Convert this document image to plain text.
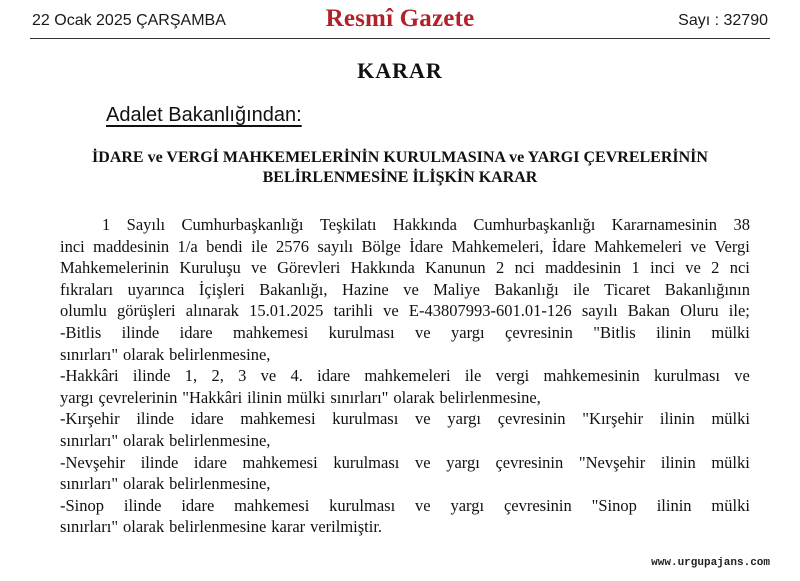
22 Ocak 2025 ÇARŞAMBA	Resmî Gazete	Sayı : 32790
KARAR
Adalet Bakanlığından:
İDARE ve VERGİ MAHKEMELERİNİN KURULMASINA ve YARGI ÇEVRELERİNİN
BELİRLENMESİNE İLİŞKİN KARAR
1 Sayılı Cumhurbaşkanlığı Teşkilatı Hakkında Cumhurbaşkanlığı Kararnamesinin 38
inci maddesinin 1/a bendi ile 2576 sayılı Bölge İdare Mahkemeleri, İdare Mahkemeleri ve Vergi
Mahkemelerinin Kuruluşu ve Görevleri Hakkında Kanunun 2 nci maddesinin 1 inci ve 2 nci
fıkraları uyarınca İçişleri Bakanlığı, Hazine ve Maliye Bakanlığı ile Ticaret Bakanlığının
olumlu görüşleri alınarak 15.01.2025 tarihli ve E-43807993-601.01-126 sayılı Bakan Oluru ile;
-Bitlis ilinde idare mahkemesi kurulması ve yargı çevresinin "Bitlis ilinin mülki
sınırları" olarak belirlenmesine,
-Hakkâri ilinde 1, 2, 3 ve 4. idare mahkemeleri ile vergi mahkemesinin kurulması ve
yargı çevrelerinin "Hakkâri ilinin mülki sınırları" olarak belirlenmesine,
-Kırşehir ilinde idare mahkemesi kurulması ve yargı çevresinin "Kırşehir ilinin mülki
sınırları" olarak belirlenmesine,
-Nevşehir ilinde idare mahkemesi kurulması ve yargı çevresinin "Nevşehir ilinin mülki
sınırları" olarak belirlenmesine,
-Sinop ilinde idare mahkemesi kurulması ve yargı çevresinin "Sinop ilinin mülki
sınırları" olarak belirlenmesine karar verilmiştir.
www.urgupajans.com
